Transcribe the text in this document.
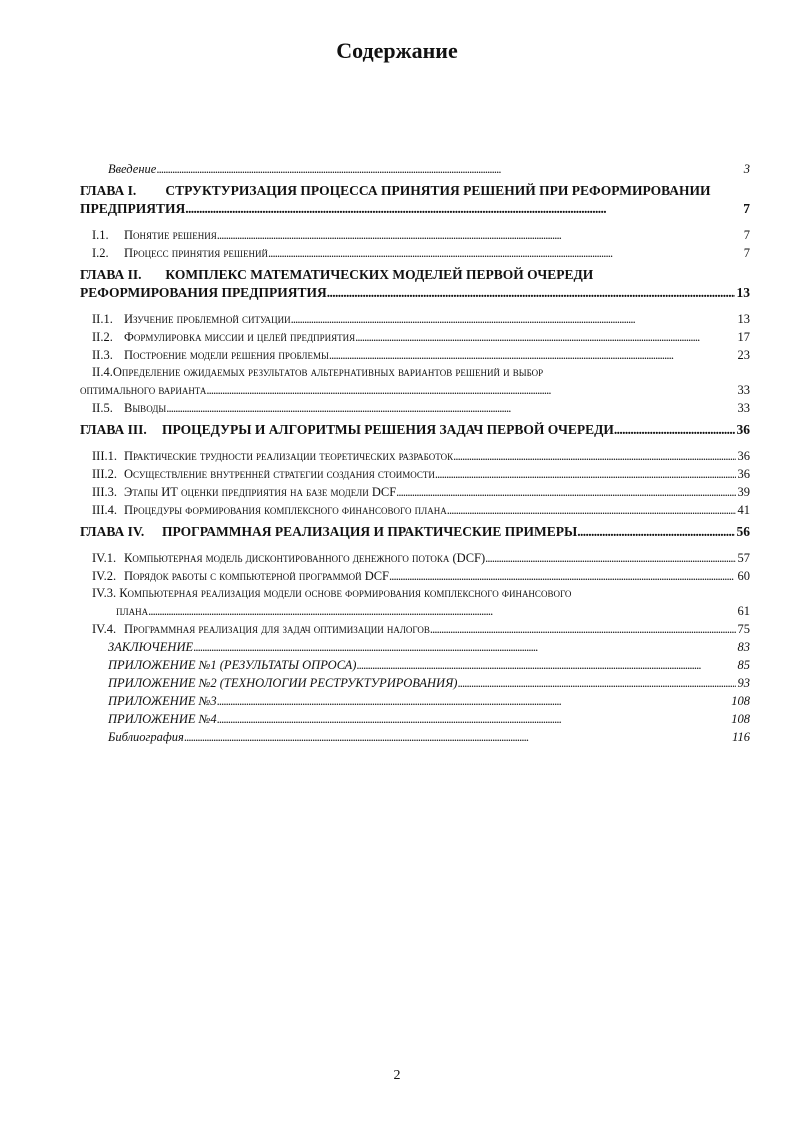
Содержание
Введение . . .	3
ГЛАВА I. СТРУКТУРИЗАЦИЯ ПРОЦЕССА ПРИНЯТИЯ РЕШЕНИЙ ПРИ РЕФОРМИРОВАНИИ
ПРЕДПРИЯТИЯ . . .	7
I.1. Понятие решения . . .	7
I.2. Процесс принятия решений . . .	7
ГЛАВА II. КОМПЛЕКС МАТЕМАТИЧЕСКИХ МОДЕЛЕЙ ПЕРВОЙ ОЧЕРЕДИ
РЕФОРМИРОВАНИЯ ПРЕДПРИЯТИЯ . . .	13
II.1. Изучение проблемной ситуации . . .	13
II.2. Формулировка миссии и целей предприятия . . .	17
II.3. Построение модели решения проблемы . . .	23
II.4.Определение ожидаемых результатов альтернативных вариантов решений и выбор
оптимального варианта . . .	33
II.5. Выводы . . .	33
ГЛАВА III. ПРОЦЕДУРЫ И АЛГОРИТМЫ РЕШЕНИЯ ЗАДАЧ ПЕРВОЙ ОЧЕРЕДИ . . .	36
III.1. Практические трудности реализации теоретических разработок . . .	36
III.2. Осуществление внутренней стратегии создания стоимости . . .	36
III.3. Этапы ИТ оценки предприятия на базе модели DCF . . .	39
III.4. Процедуры формирования комплексного финансового плана . . .	41
ГЛАВА IV. ПРОГРАММНАЯ РЕАЛИЗАЦИЯ И ПРАКТИЧЕСКИЕ ПРИМЕРЫ . . .	56
IV.1. Компьютерная модель дисконтированного денежного потока (DCF) . . .	57
IV.2. Порядок работы с компьютерной программой DCF . . .	60
IV.3. Компьютерная реализация модели основе формирования комплексного финансового
плана . . .	61
IV.4. Программная реализация для задач оптимизации налогов . . .	75
ЗАКЛЮЧЕНИЕ . . .	83
ПРИЛОЖЕНИЕ №1 (РЕЗУЛЬТАТЫ ОПРОСА) . . .	85
ПРИЛОЖЕНИЕ №2 (ТЕХНОЛОГИИ РЕСТРУКТУРИРОВАНИЯ) . . .	93
ПРИЛОЖЕНИЕ №3 . . .	108
ПРИЛОЖЕНИЕ №4 . . .	108
Библиография . . .	116
2
